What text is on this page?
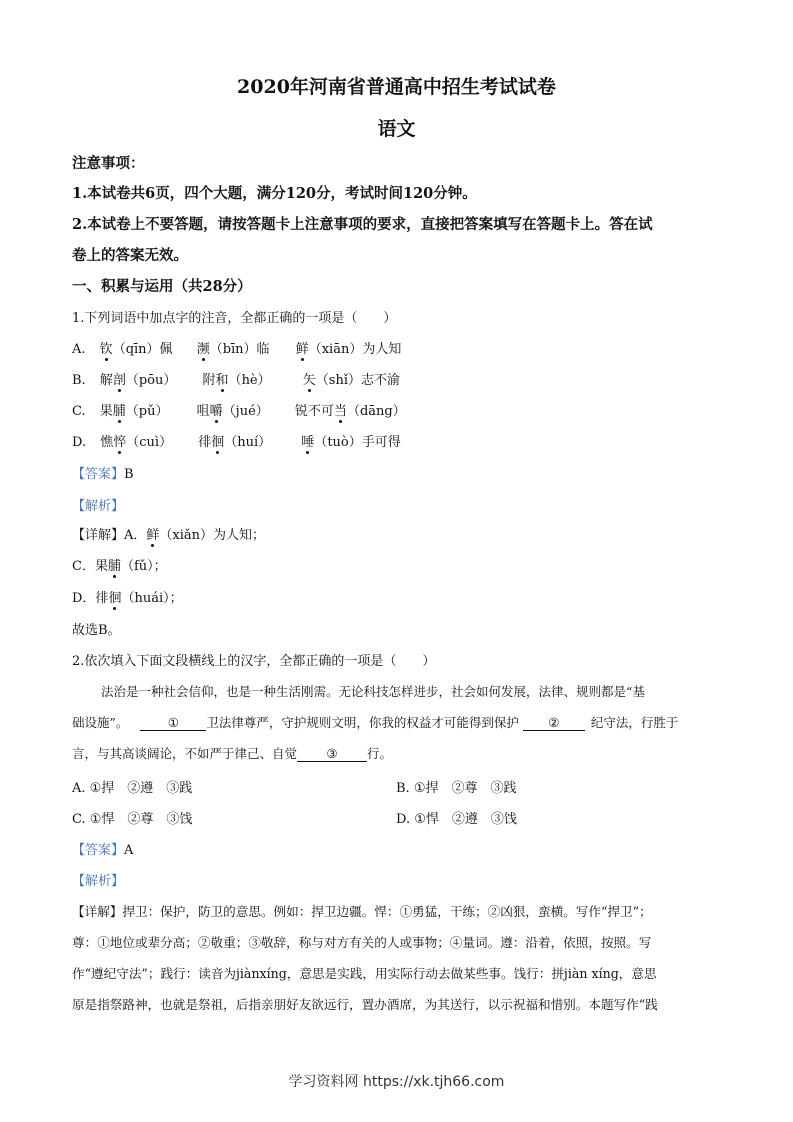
2020年河南省普通高中招生考试试卷
语文
注意事项：
1.本试卷共6页，四个大题，满分120分，考试时间120分钟。
2.本试卷上不要答题，请按答题卡上注意事项的要求，直接把答案填写在答题卡上。答在试
卷上的答案无效。
一、积累与运用（共28分）
1.下列词语中加点字的注音，全都正确的一项是（　　）
A. 钦（qīn）佩 濒（bīn）临 鲜（xiān）为人知
B. 解剖（pōu） 附和（hè） 矢（shǐ）志不渝
C. 果脯（pǔ） 咀嚼（jué） 锐不可当（dāng）
D. 憔悴（cuì） 徘徊（huí） 唾（tuò）手可得
【答案】B
【解析】
【详解】A．鲜（xiǎn）为人知；
C．果脯（fǔ）；
D．徘徊（huái）；
故选B。
2.依次填入下面文段横线上的汉字，全都正确的一项是（　　）
法治是一种社会信仰，也是一种生活刚需。无论科技怎样进步，社会如何发展，法律、规则都是“基
础设施”。	① 卫法律尊严，守护规则文明，你我的权益才可能得到保护 ②	纪守法，行胜于
言，与其高谈阔论，不如严于律己、自觉 ③ 行。
A. ①捍　②遵　③践	B. ①捍　②尊　③践
C. ①悍　②尊　③饯	D. ①悍　②遵　③饯
【答案】A
【解析】
【详解】捍卫：保护，防卫的意思。例如：捍卫边疆。悍：①勇猛，干练；②凶狠，蛮横。写作“捍卫”；
尊：①地位或辈分高；②敬重；③敬辞，称与对方有关的人或事物；④量词。遵：沿着，依照，按照。写
作“遵纪守法”；践行：读音为jiànxíng，意思是实践，用实际行动去做某些事。饯行：拼jiàn xíng，意思
原是指祭路神，也就是祭祖，后指亲朋好友欲远行，置办酒席，为其送行，以示祝福和惜别。本题写作“践
学习资料网 https://xk.tjh66.com
